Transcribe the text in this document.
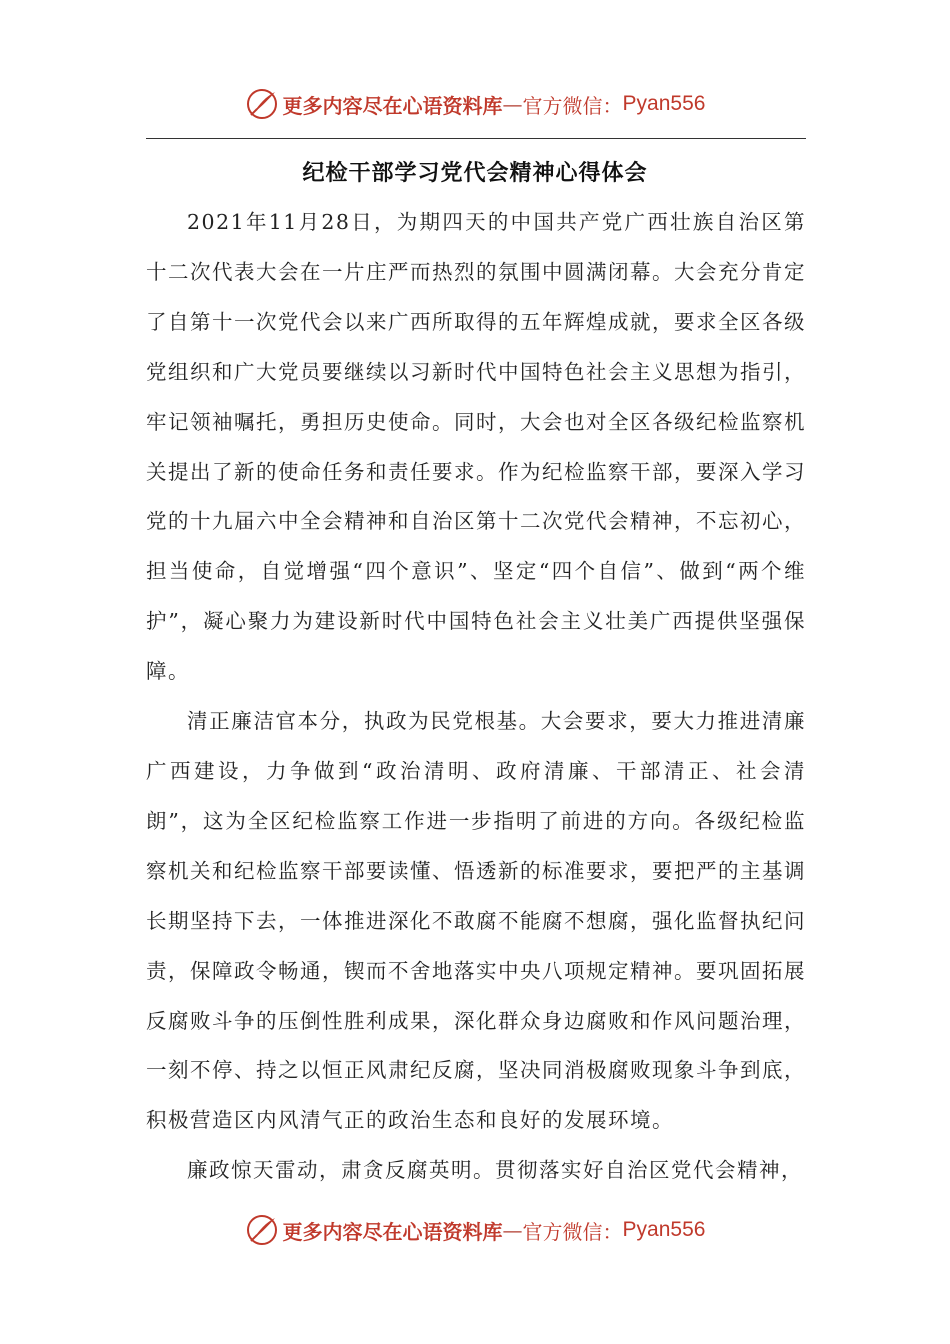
更多内容尽在心语资料库 — 官方微信： Pyan556
纪检干部学习党代会精神心得体会

2021年11月28日，为期四天的中国共产党广西壮族自治区第十二次代表大会在一片庄严而热烈的氛围中圆满闭幕。大会充分肯定了自第十一次党代会以来广西所取得的五年辉煌成就，要求全区各级党组织和广大党员要继续以习新时代中国特色社会主义思想为指引，牢记领袖嘱托，勇担历史使命。同时，大会也对全区各级纪检监察机关提出了新的使命任务和责任要求。作为纪检监察干部，要深入学习党的十九届六中全会精神和自治区第十二次党代会精神，不忘初心，担当使命，自觉增强“四个意识”、坚定“四个自信”、做到“两个维护”，凝心聚力为建设新时代中国特色社会主义壮美广西提供坚强保障。

清正廉洁官本分，执政为民党根基。大会要求，要大力推进清廉广西建设，力争做到“政治清明、政府清廉、干部清正、社会清朗”，这为全区纪检监察工作进一步指明了前进的方向。各级纪检监察机关和纪检监察干部要读懂、悟透新的标准要求，要把严的主基调长期坚持下去，一体推进深化不敢腐不能腐不想腐，强化监督执纪问责，保障政令畅通，锲而不舍地落实中央八项规定精神。要巩固拓展反腐败斗争的压倒性胜利成果，深化群众身边腐败和作风问题治理，一刻不停、持之以恒正风肃纪反腐，坚决同消极腐败现象斗争到底，积极营造区内风清气正的政治生态和良好的发展环境。

廉政惊天雷动，肃贪反腐英明。贯彻落实好自治区党代会精神，

更多内容尽在心语资料库 — 官方微信： Pyan556
